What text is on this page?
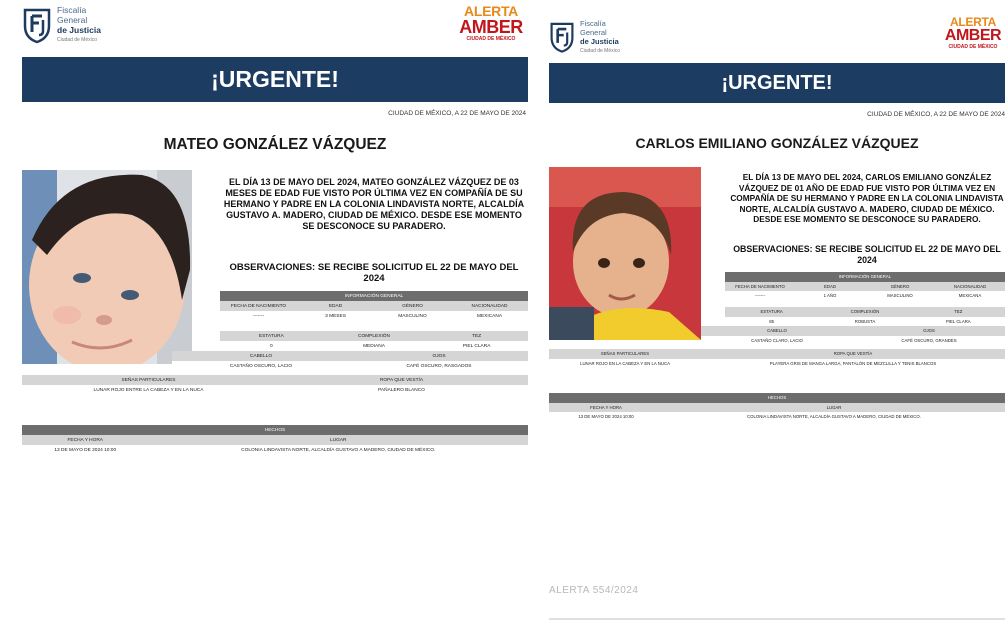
Fiscalía
General
de Justicia
Ciudad de México
ALERTA
AMBER
CIUDAD DE MÉXICO
¡URGENTE!
CIUDAD DE MÉXICO, A 22 DE MAYO DE 2024
MATEO GONZÁLEZ VÁZQUEZ
EL DÍA 13 DE MAYO DEL 2024, MATEO GONZÁLEZ VÁZQUEZ DE 03 MESES DE EDAD FUE VISTO POR ÚLTIMA VEZ EN COMPAÑÍA DE SU HERMANO Y PADRE EN LA COLONIA LINDAVISTA NORTE, ALCALDÍA GUSTAVO A. MADERO, CIUDAD DE MÉXICO. DESDE ESE MOMENTO SE DESCONOCE SU PARADERO.
OBSERVACIONES: SE RECIBE SOLICITUD EL 22 DE MAYO DEL 2024
INFORMACIÓN GENERAL
FECHA DE NACIMIENTO	EDAD	GÉNERO	NACIONALIDAD
-------	3 MESES	MASCULINO	MEXICANA
ESTATURA	COMPLEXIÓN	TEZ
0	MEDIANA	PIEL CLARA
CABELLO	OJOS
CASTAÑO OSCURO, LACIO	CAFÉ OSCURO, RASGADOS
SEÑAS PARTICULARES	ROPA QUE VESTÍA
LUNAR ROJO ENTRE LA CABEZA Y EN LA NUCA	PAÑALERO BLANCO
HECHOS
FECHA Y HORA	LUGAR
13 DE MAYO DE 2024 10:00	COLONIA LINDAVISTA NORTE, ALCALDÍA GUSTAVO A MADERO, CIUDAD DE MÉXICO.
Fiscalía
General
de Justicia
Ciudad de México
ALERTA
AMBER
CIUDAD DE MÉXICO
¡URGENTE!
CIUDAD DE MÉXICO, A 22 DE MAYO DE 2024
CARLOS EMILIANO GONZÁLEZ VÁZQUEZ
EL DÍA 13 DE MAYO DEL 2024, CARLOS EMILIANO GONZÁLEZ VÁZQUEZ DE 01 AÑO DE EDAD FUE VISTO POR ÚLTIMA VEZ EN COMPAÑÍA DE SU HERMANO Y PADRE EN LA COLONIA LINDAVISTA NORTE, ALCALDÍA GUSTAVO A. MADERO, CIUDAD DE MÉXICO. DESDE ESE MOMENTO SE DESCONOCE SU PARADERO.
OBSERVACIONES: SE RECIBE SOLICITUD EL 22 DE MAYO DEL 2024
INFORMACIÓN GENERAL
FECHA DE NACIMIENTO	EDAD	GÉNERO	NACIONALIDAD
-------	1 AÑO	MASCULINO	MEXICANA
ESTATURA	COMPLEXIÓN	TEZ
85	ROBUSTA	PIEL CLARA
CABELLO	OJOS
CASTAÑO CLARO, LACIO	CAFÉ OSCURO, GRANDES
SEÑAS PARTICULARES	ROPA QUE VESTÍA
LUNAR ROJO EN LA CABEZA Y EN LA NUCA	PLAYERA GRIS DE MANGA LARGA, PANTALÓN DE MEZCLILLA Y TENIS BLANCOS
HECHOS
FECHA Y HORA	LUGAR
13 DE MAYO DE 2024 10:00	COLONIA LINDAVISTA NORTE, ALCALDÍA GUSTAVO A MADERO, CIUDAD DE MÉXICO.
ALERTA 554/2024
